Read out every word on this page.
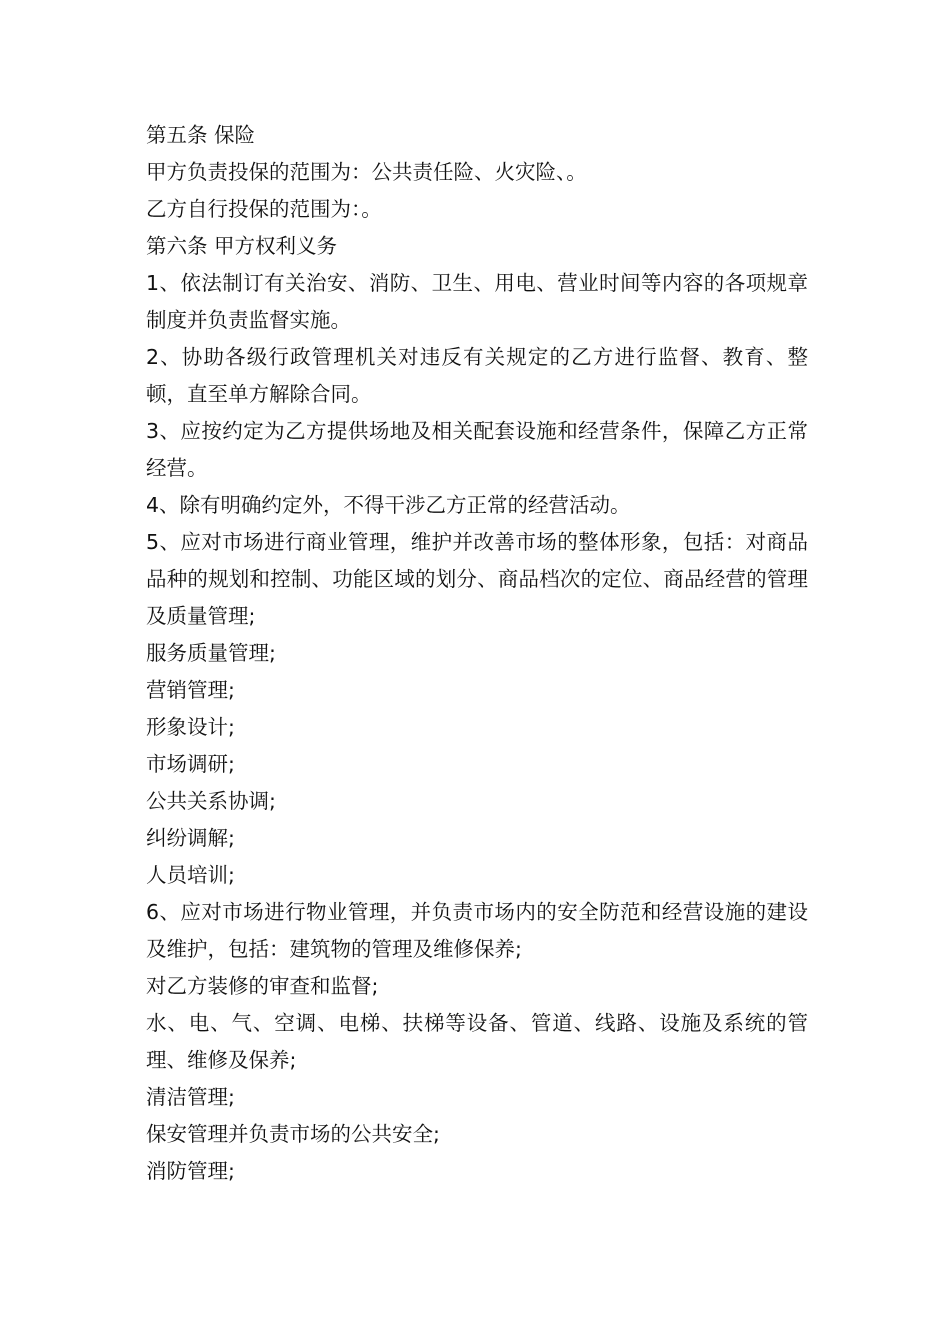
第五条 保险

甲方负责投保的范围为：公共责任险、火灾险、。

乙方自行投保的范围为：。

第六条 甲方权利义务

1、依法制订有关治安、消防、卫生、用电、营业时间等内容的各项规章制度并负责监督实施。

2、协助各级行政管理机关对违反有关规定的乙方进行监督、教育、整顿，直至单方解除合同。

3、应按约定为乙方提供场地及相关配套设施和经营条件，保障乙方正常经营。

4、除有明确约定外，不得干涉乙方正常的经营活动。

5、应对市场进行商业管理，维护并改善市场的整体形象，包括：对商品品种的规划和控制、功能区域的划分、商品档次的定位、商品经营的管理及质量管理;

服务质量管理;

营销管理;

形象设计;

市场调研;

公共关系协调;

纠纷调解;

人员培训;

6、应对市场进行物业管理，并负责市场内的安全防范和经营设施的建设及维护，包括：建筑物的管理及维修保养;

对乙方装修的审查和监督;

水、电、气、空调、电梯、扶梯等设备、管道、线路、设施及系统的管理、维修及保养;

清洁管理;

保安管理并负责市场的公共安全;

消防管理;
